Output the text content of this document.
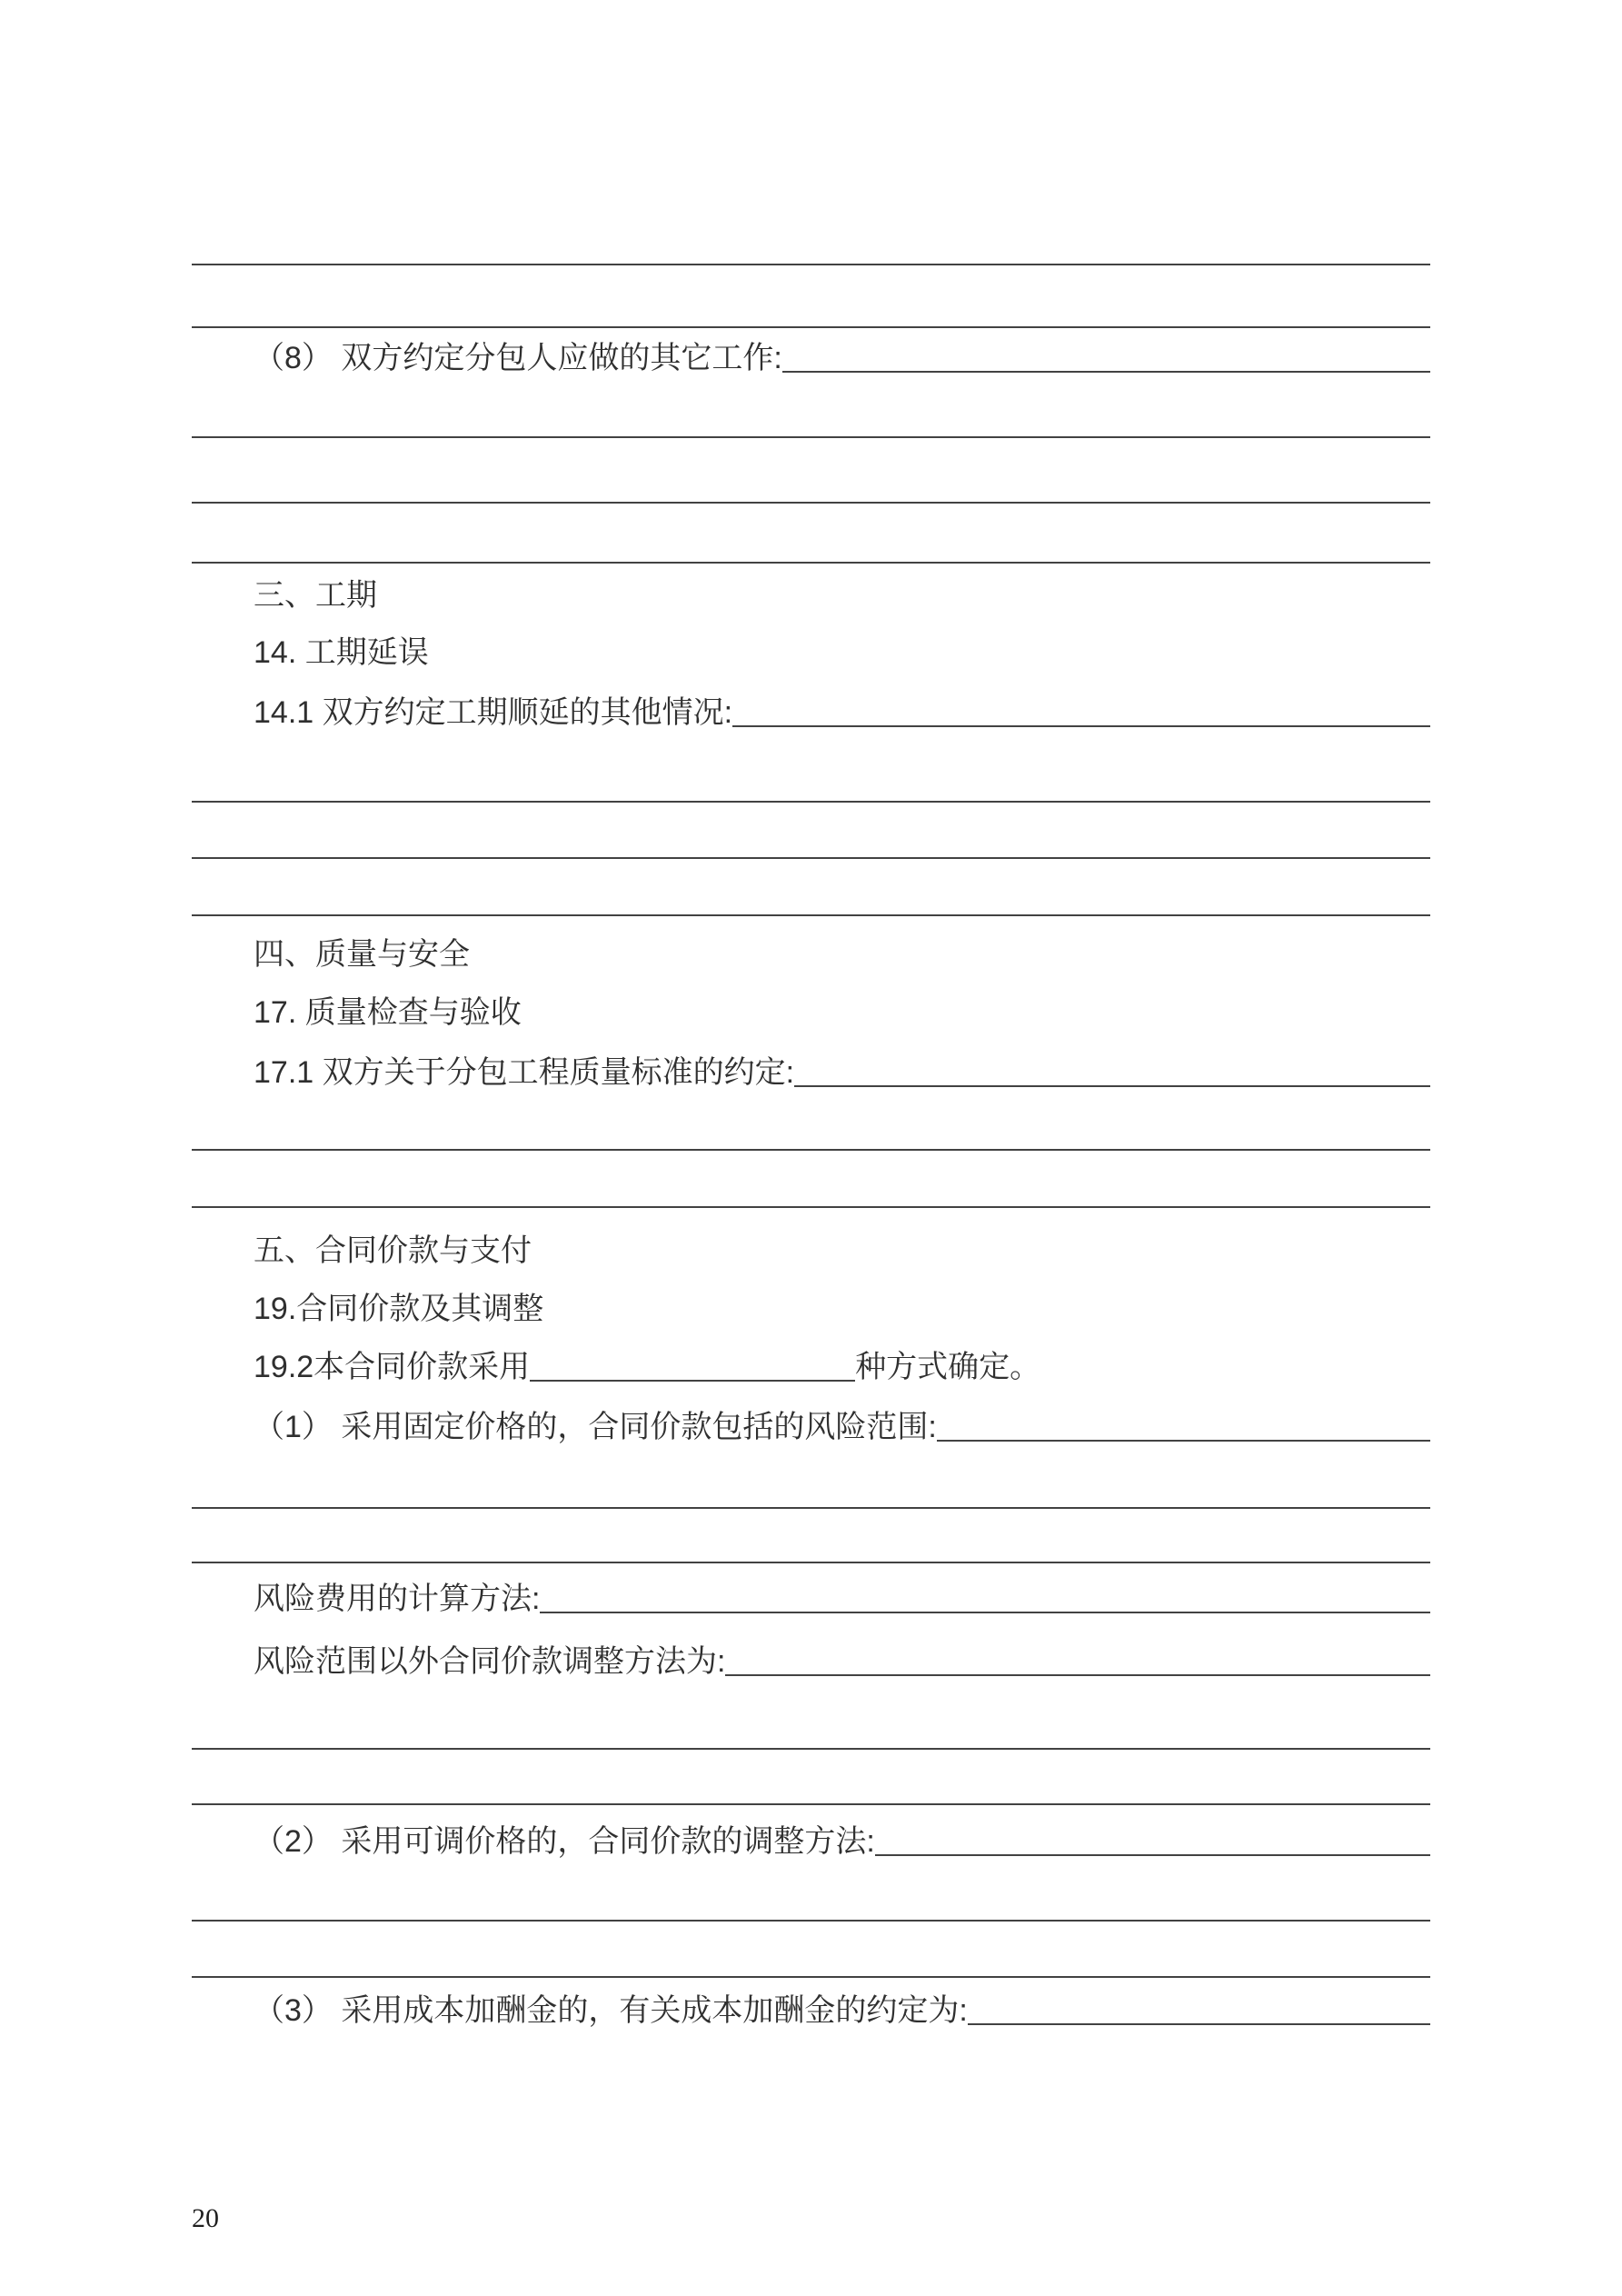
（8） 双方约定分包人应做的其它工作:
三、工期
14. 工期延误
14.1 双方约定工期顺延的其他情况:
四、质量与安全
17. 质量检查与验收
17.1 双方关于分包工程质量标准的约定:
五、合同价款与支付
19.合同价款及其调整
19.2本合同价款采用	种方式确定。
（1） 采用固定价格的，合同价款包括的风险范围:
风险费用的计算方法:
风险范围以外合同价款调整方法为:
（2） 采用可调价格的，合同价款的调整方法:
（3） 采用成本加酬金的，有关成本加酬金的约定为:
20
